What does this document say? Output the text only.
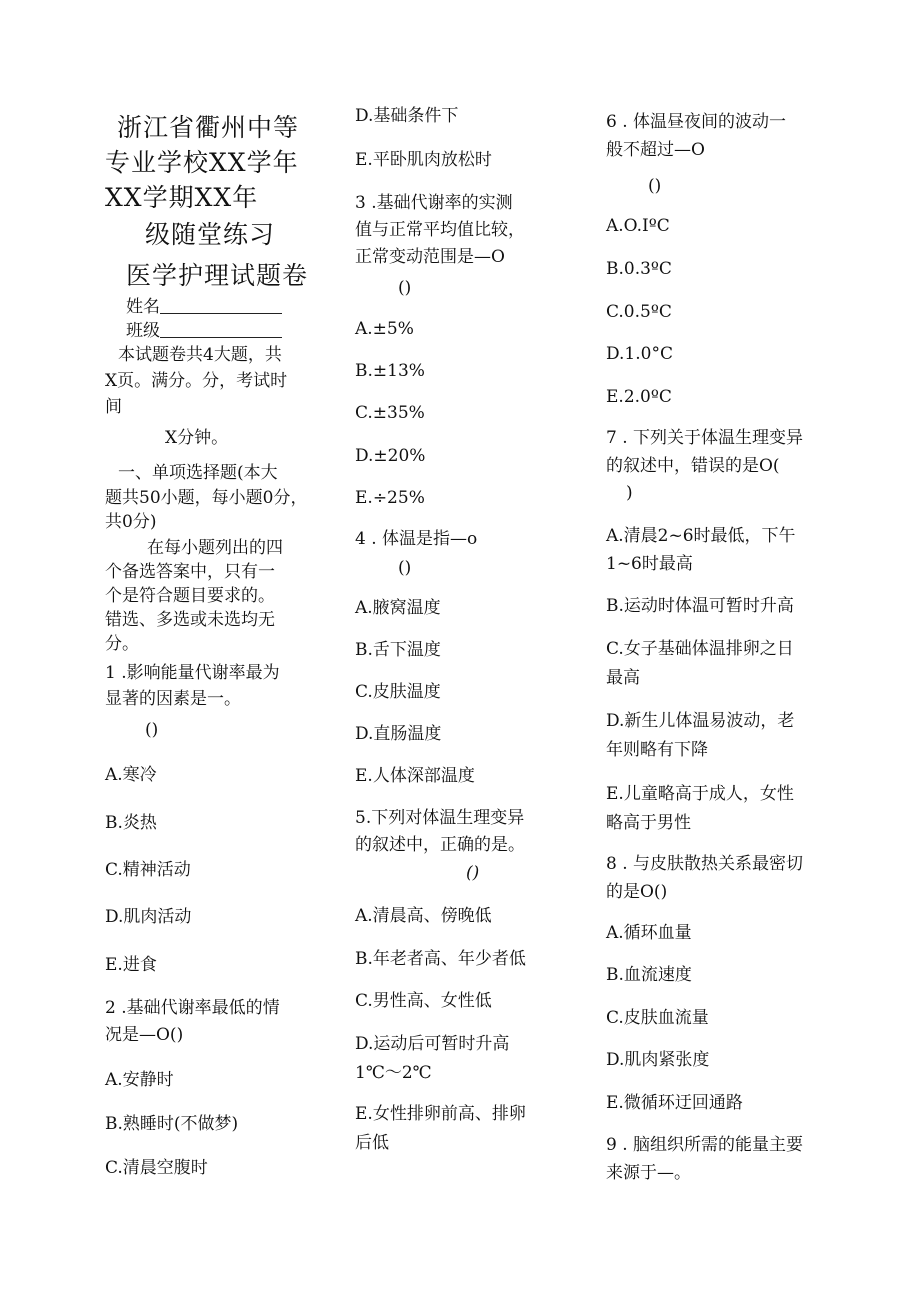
浙江省衢州中等
专业学校XX学年
XX学期XX年
级随堂练习
医学护理试题卷
姓名
班级
本试题卷共4大题，共
X页。满分。分，考试时
间
X分钟。
一、单项选择题(本大
题共50小题，每小题0分，
共0分)
在每小题列出的四
个备选答案中，只有一
个是符合题目要求的。
错选、多选或未选均无
分。
1 .影响能量代谢率最为
显著的因素是一。
()
A.寒冷
B.炎热
C.精神活动
D.肌肉活动
E.进食
2 .基础代谢率最低的情
况是—O()
A.安静时
B.熟睡时(不做梦)
C.清晨空腹时
D.基础条件下
E.平卧肌肉放松时
3 .基础代谢率的实测
值与正常平均值比较，
正常变动范围是—O
()
A.±5%
B.±13%
C.±35%
D.±20%
E.÷25%
4 . 体温是指—o
()
A.腋窝温度
B.舌下温度
C.皮肤温度
D.直肠温度
E.人体深部温度
5.下列对体温生理变异
的叙述中，正确的是。
()
A.清晨高、傍晚低
B.年老者高、年少者低
C.男性高、女性低
D.运动后可暂时升高
1℃～2℃
E.女性排卵前高、排卵
后低
6 . 体温昼夜间的波动一
般不超过—O
()
A.O.IºC
B.0.3ºC
C.0.5ºC
D.1.0°C
E.2.0ºC
7 . 下列关于体温生理变异
的叙述中，错误的是O(
)
A.清晨2~6时最低，下午
1~6时最高
B.运动时体温可暂时升高
C.女子基础体温排卵之日
最高
D.新生儿体温易波动，老
年则略有下降
E.儿童略高于成人，女性
略高于男性
8 . 与皮肤散热关系最密切
的是O()
A.循环血量
B.血流速度
C.皮肤血流量
D.肌肉紧张度
E.微循环迂回通路
9 . 脑组织所需的能量主要
来源于—。
